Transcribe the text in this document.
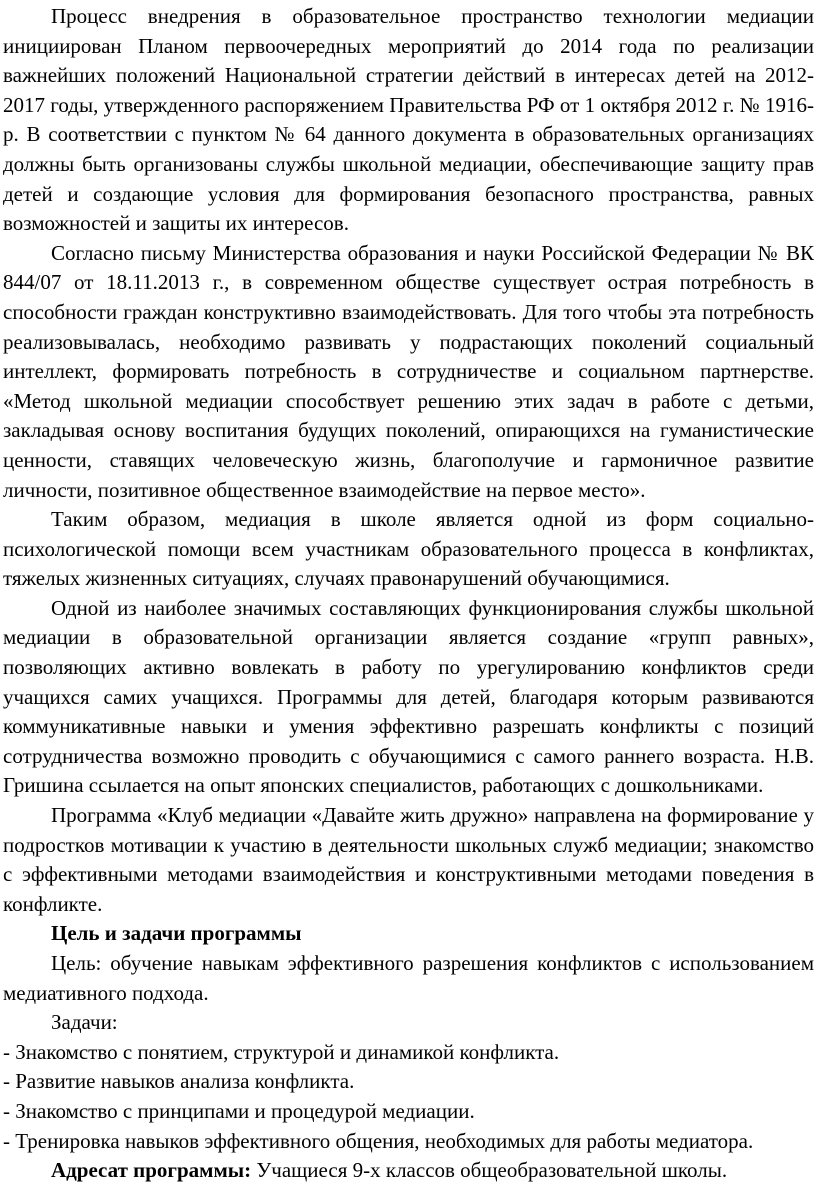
Процесс внедрения в образовательное пространство технологии медиации инициирован Планом первоочередных мероприятий до 2014 года по реализации важнейших положений Национальной стратегии действий в интересах детей на 2012-2017 годы, утвержденного распоряжением Правительства РФ от 1 октября 2012 г. № 1916-р. В соответствии с пунктом № 64 данного документа в образовательных организациях должны быть организованы службы школьной медиации, обеспечивающие защиту прав детей и создающие условия для формирования безопасного пространства, равных возможностей и защиты их интересов.

Согласно письму Министерства образования и науки Российской Федерации № ВК 844/07 от 18.11.2013 г., в современном обществе существует острая потребность в способности граждан конструктивно взаимодействовать. Для того чтобы эта потребность реализовывалась, необходимо развивать у подрастающих поколений социальный интеллект, формировать потребность в сотрудничестве и социальном партнерстве. «Метод школьной медиации способствует решению этих задач в работе с детьми, закладывая основу воспитания будущих поколений, опирающихся на гуманистические ценности, ставящих человеческую жизнь, благополучие и гармоничное развитие личности, позитивное общественное взаимодействие на первое место».

Таким образом, медиация в школе является одной из форм социально-психологической помощи всем участникам образовательного процесса в конфликтах, тяжелых жизненных ситуациях, случаях правонарушений обучающимися.

Одной из наиболее значимых составляющих функционирования службы школьной медиации в образовательной организации является создание «групп равных», позволяющих активно вовлекать в работу по урегулированию конфликтов среди учащихся самих учащихся. Программы для детей, благодаря которым развиваются коммуникативные навыки и умения эффективно разрешать конфликты с позиций сотрудничества возможно проводить с обучающимися с самого раннего возраста. Н.В. Гришина ссылается на опыт японских специалистов, работающих с дошкольниками.

Программа «Клуб медиации «Давайте жить дружно» направлена на формирование у подростков мотивации к участию в деятельности школьных служб медиации; знакомство с эффективными методами взаимодействия и конструктивными методами поведения в конфликте.

Цель и задачи программы

Цель: обучение навыкам эффективного разрешения конфликтов с использованием медиативного подхода.

Задачи:

- Знакомство с понятием, структурой и динамикой конфликта.

- Развитие навыков анализа конфликта.

- Знакомство с принципами и процедурой медиации.

- Тренировка навыков эффективного общения, необходимых для работы медиатора.

Адресат программы: Учащиеся 9-х классов общеобразовательной школы.
